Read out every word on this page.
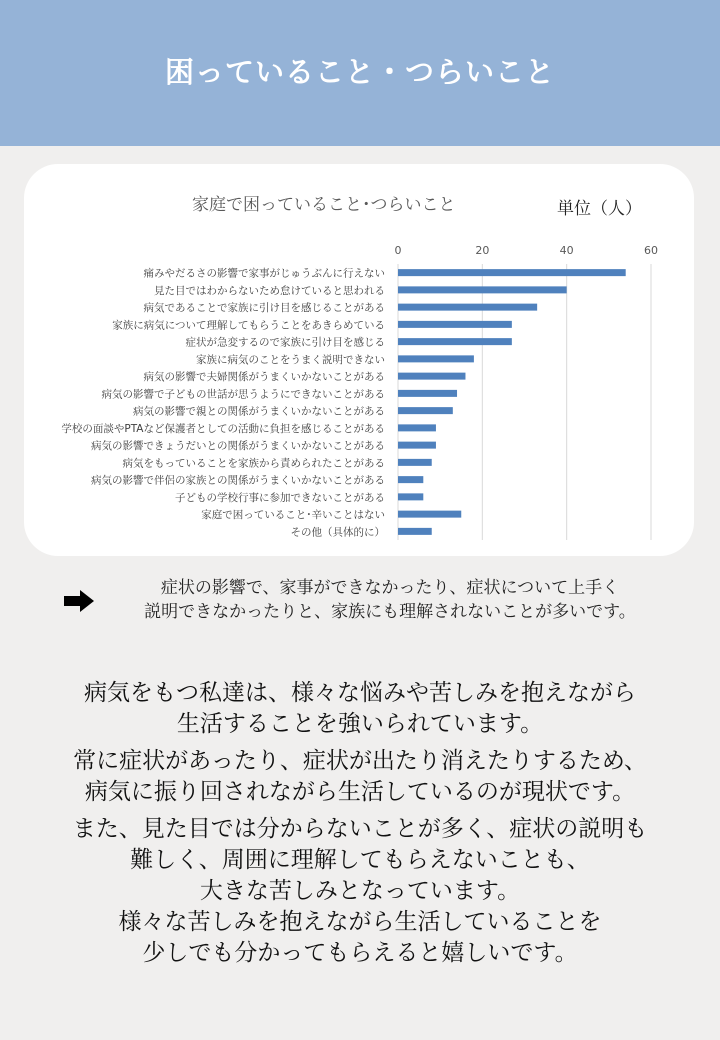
困っていること・つらいこと
家庭で困っていること･つらいこと	単位（人）
0	20	40	60
痛みやだるさの影響で家事がじゅうぶんに行えない
見た目ではわからないため怠けていると思われる
病気であることで家族に引け目を感じることがある
家族に病気について理解してもらうことをあきらめている
症状が急変するので家族に引け目を感じる
家族に病気のことをうまく説明できない
病気の影響で夫婦関係がうまくいかないことがある
病気の影響で子どもの世話が思うようにできないことがある
病気の影響で親との関係がうまくいかないことがある
学校の面談やPTAなど保護者としての活動に負担を感じることがある
病気の影響できょうだいとの関係がうまくいかないことがある
病気をもっていることを家族から責められたことがある
病気の影響で伴侶の家族との関係がうまくいかないことがある
子どもの学校行事に参加できないことがある
家庭で困っていること･辛いことはない
その他（具体的に）
症状の影響で、家事ができなかったり、症状について上手く
説明できなかったりと、家族にも理解されないことが多いです。
病気をもつ私達は、様々な悩みや苦しみを抱えながら
生活することを強いられています。
常に症状があったり、症状が出たり消えたりするため、
病気に振り回されながら生活しているのが現状です。
また、見た目では分からないことが多く、症状の説明も
難しく、周囲に理解してもらえないことも、
大きな苦しみとなっています。
様々な苦しみを抱えながら生活していることを
少しでも分かってもらえると嬉しいです。
